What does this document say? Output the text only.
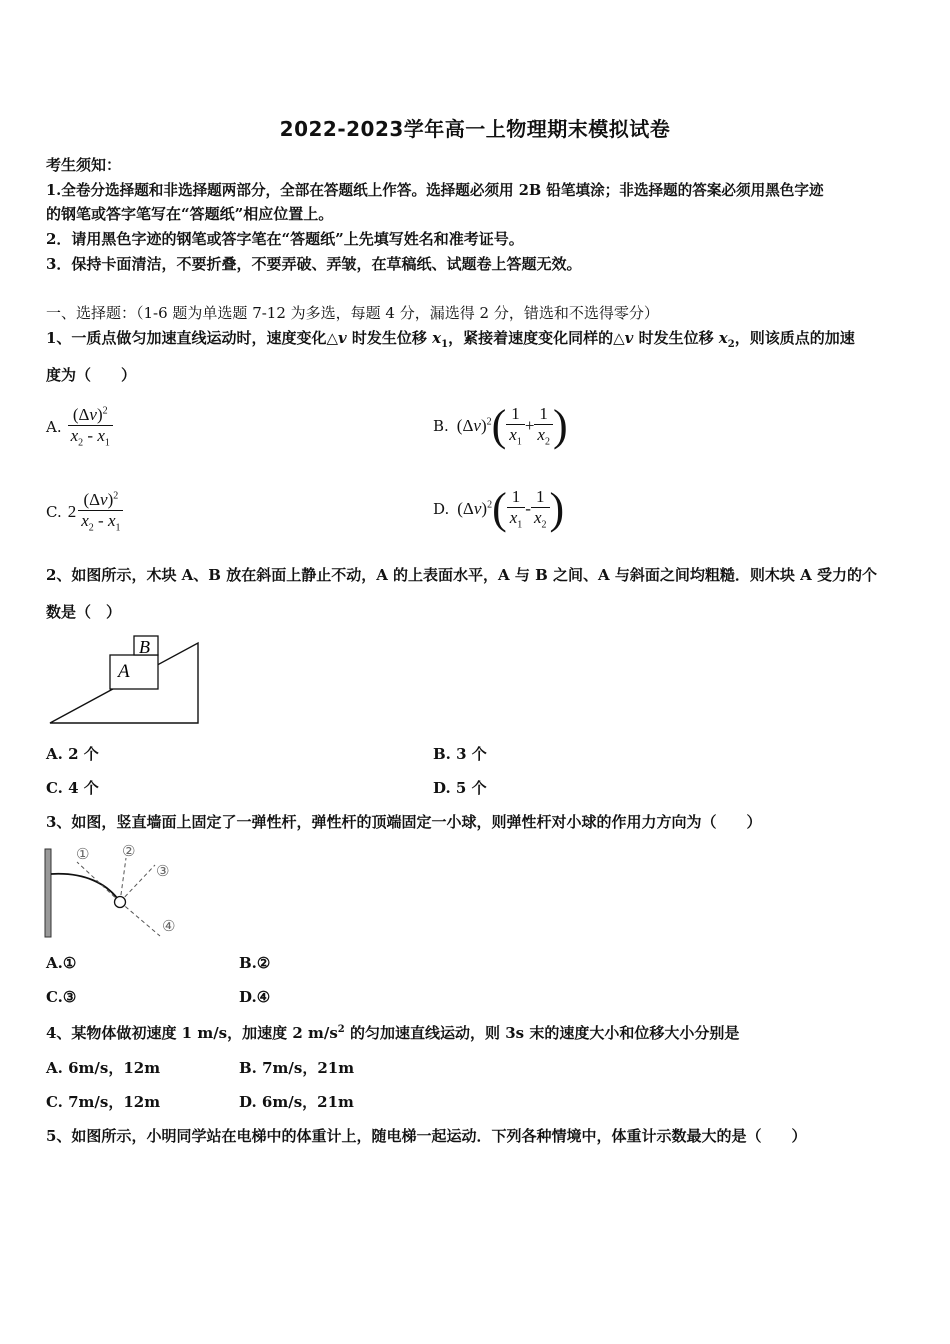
2022-2023学年高一上物理期末模拟试卷
考生须知：
1.全卷分选择题和非选择题两部分，全部在答题纸上作答。选择题必须用 2B 铅笔填涂；非选择题的答案必须用黑色字迹
的钢笔或答字笔写在“答题纸”相应位置上。
2．请用黑色字迹的钢笔或答字笔在“答题纸”上先填写姓名和准考证号。
3．保持卡面清洁，不要折叠，不要弄破、弄皱，在草稿纸、试题卷上答题无效。
一、选择题：（1-6 题为单选题 7-12 为多选，每题 4 分，漏选得 2 分，错选和不选得零分）
1、一质点做匀加速直线运动时，速度变化△v 时发生位移 $x_1$，紧接着速度变化同样的△v 时发生位移 $x_2$，则该质点的加速
度为（　　）
A. $\frac{(\Delta v)^2}{x_2 - x_1}$	B. $(\Delta v)^2$ ( $\frac{1}{x_1} + \frac{1}{x_2}$ )
C. $2 \frac{(\Delta v)^2}{x_2 - x_1}$	D. $(\Delta v)^2$ ( $\frac{1}{x_1} - \frac{1}{x_2}$ )
2、如图所示，木块 A、B 放在斜面上静止不动，A 的上表面水平，A 与 B 之间、A 与斜面之间均粗糙．则木块 A 受力的个
数是（　）
A
B
A. 2 个	B. 3 个
C. 4 个	D. 5 个
3、如图，竖直墙面上固定了一弹性杆，弹性杆的顶端固定一小球，则弹性杆对小球的作用力方向为（　　）
① ②
③
④
A.①	B.②
C.③	D.④
4、某物体做初速度 1 m/s，加速度 2 $m/s^2$ 的匀加速直线运动，则 3s 末的速度大小和位移大小分别是
A. 6m/s，12m	B. 7m/s，21m
C. 7m/s，12m	D. 6m/s，21m
5、如图所示，小明同学站在电梯中的体重计上，随电梯一起运动．下列各种情境中，体重计示数最大的是（　　）
